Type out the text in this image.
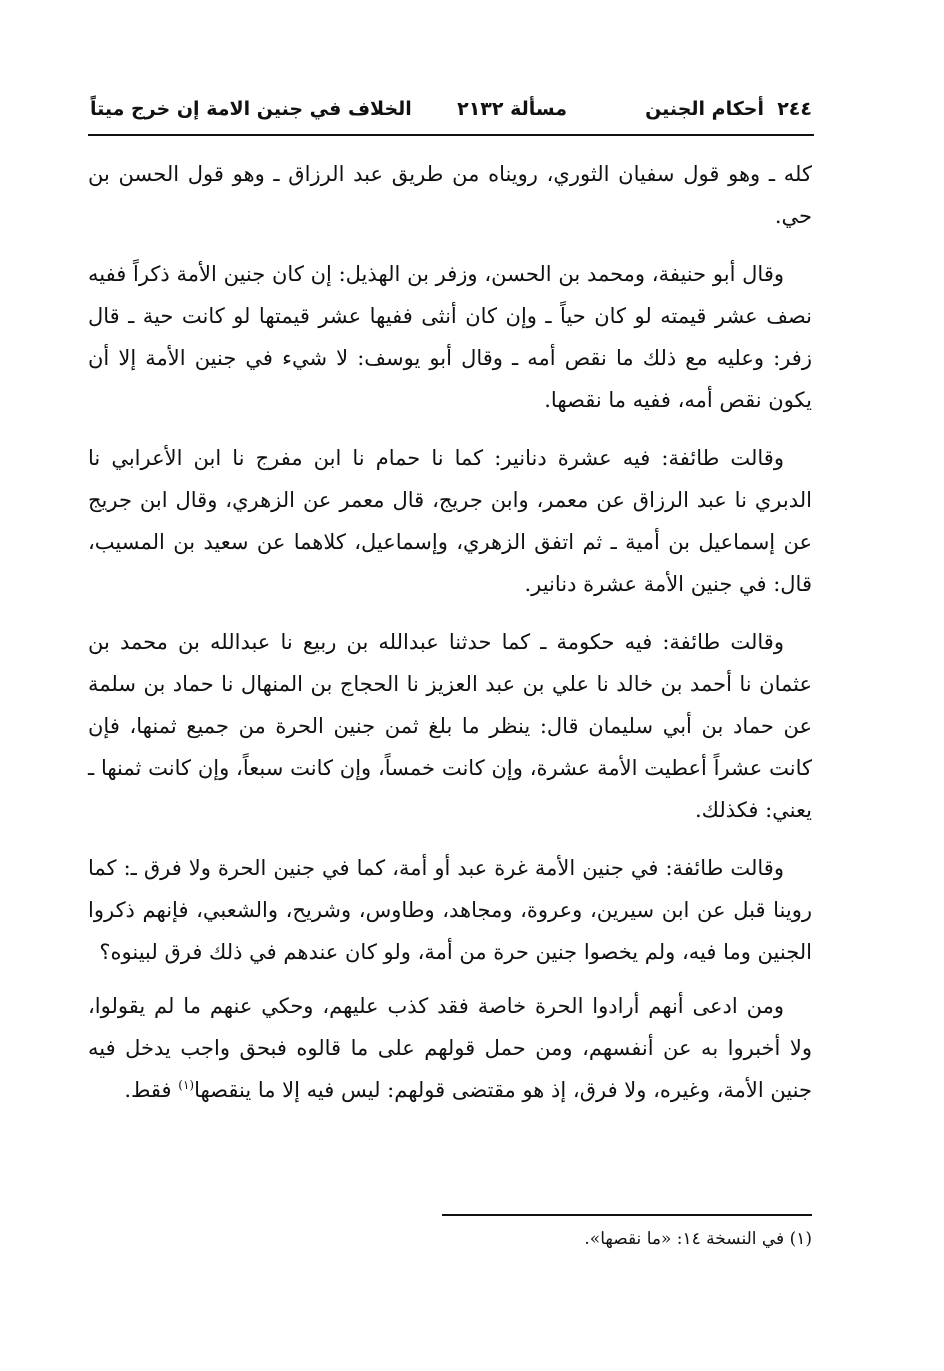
٢٤٤  أحكام الجنين
مسألة ٢١٣٢
الخلاف في جنين الامة إن خرج ميتاً

كله ـ وهو قول سفيان الثوري، رويناه من طريق عبد الرزاق ـ وهو قول الحسن بن حي.

وقال أبو حنيفة، ومحمد بن الحسن، وزفر بن الهذيل: إن كان جنين الأمة ذكراً ففيه نصف عشر قيمته لو كان حياً ـ وإن كان أنثى ففيها عشر قيمتها لو كانت حية ـ قال زفر: وعليه مع ذلك ما نقص أمه ـ وقال أبو يوسف: لا شيء في جنين الأمة إلا أن يكون نقص أمه، ففيه ما نقصها.

وقالت طائفة: فيه عشرة دنانير: كما نا حمام نا ابن مفرج نا ابن الأعرابي نا الدبري نا عبد الرزاق عن معمر، وابن جريج، قال معمر عن الزهري، وقال ابن جريج عن إسماعيل بن أمية ـ ثم اتفق الزهري، وإسماعيل، كلاهما عن سعيد بن المسيب، قال: في جنين الأمة عشرة دنانير.

وقالت طائفة: فيه حكومة ـ كما حدثنا عبدالله بن ربيع نا عبدالله بن محمد بن عثمان نا أحمد بن خالد نا علي بن عبد العزيز نا الحجاج بن المنهال نا حماد بن سلمة عن حماد بن أبي سليمان قال: ينظر ما بلغ ثمن جنين الحرة من جميع ثمنها، فإن كانت عشراً أعطيت الأمة عشرة، وإن كانت خمساً، وإن كانت سبعاً، وإن كانت ثمنها ـ يعني: فكذلك.

وقالت طائفة: في جنين الأمة غرة عبد أو أمة، كما في جنين الحرة ولا فرق ـ: كما روينا قبل عن ابن سيرين، وعروة، ومجاهد، وطاوس، وشريح، والشعبي، فإنهم ذكروا الجنين وما فيه، ولم يخصوا جنين حرة من أمة، ولو كان عندهم في ذلك فرق لبينوه؟

ومن ادعى أنهم أرادوا الحرة خاصة فقد كذب عليهم، وحكي عنهم ما لم يقولوا، ولا أخبروا به عن أنفسهم، ومن حمل قولهم على ما قالوه فبحق واجب يدخل فيه جنين الأمة، وغيره، ولا فرق، إذ هو مقتضى قولهم: ليس فيه إلا ما ينقصها$^{(١)}$ فقط.

(١) في النسخة ١٤: «ما نقصها».
